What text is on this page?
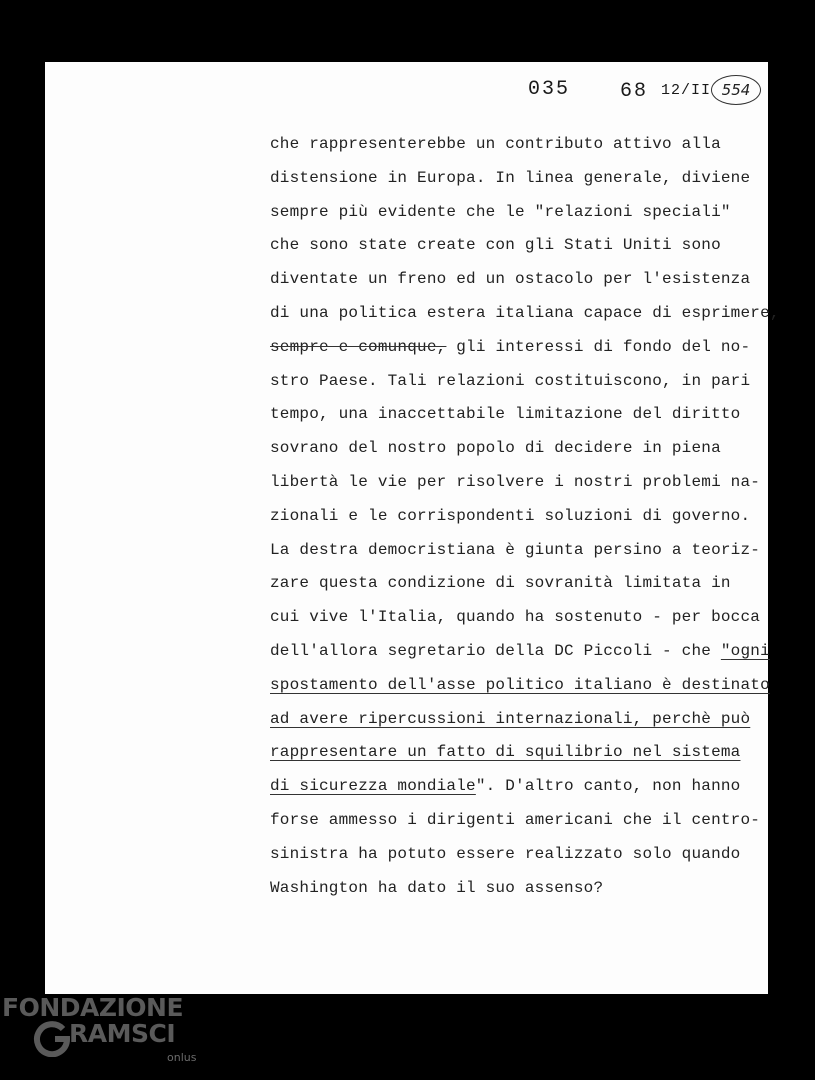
035 68 12/II 554
che rappresenterebbe un contributo attivo alla
distensione in Europa. In linea generale, diviene
sempre più evidente che le "relazioni speciali"
che sono state create con gli Stati Uniti sono
diventate un freno ed un ostacolo per l'esistenza
di una politica estera italiana capace di esprimere,
sempre e comunque, gli interessi di fondo del no-
stro Paese. Tali relazioni costituiscono, in pari
tempo, una inaccettabile limitazione del diritto
sovrano del nostro popolo di decidere in piena
libertà le vie per risolvere i nostri problemi na-
zionali e le corrispondenti soluzioni di governo.
La destra democristiana è giunta persino a teoriz-
zare questa condizione di sovranità limitata in
cui vive l'Italia, quando ha sostenuto - per bocca
dell'allora segretario della DC Piccoli - che "ogni
spostamento dell'asse politico italiano è destinato
ad avere ripercussioni internazionali, perchè può
rappresentare un fatto di squilibrio nel sistema
di sicurezza mondiale". D'altro canto, non hanno
forse ammesso i dirigenti americani che il centro-
sinistra ha potuto essere realizzato solo quando
Washington ha dato il suo assenso?
FONDAZIONE
RAMSCI
onlus
